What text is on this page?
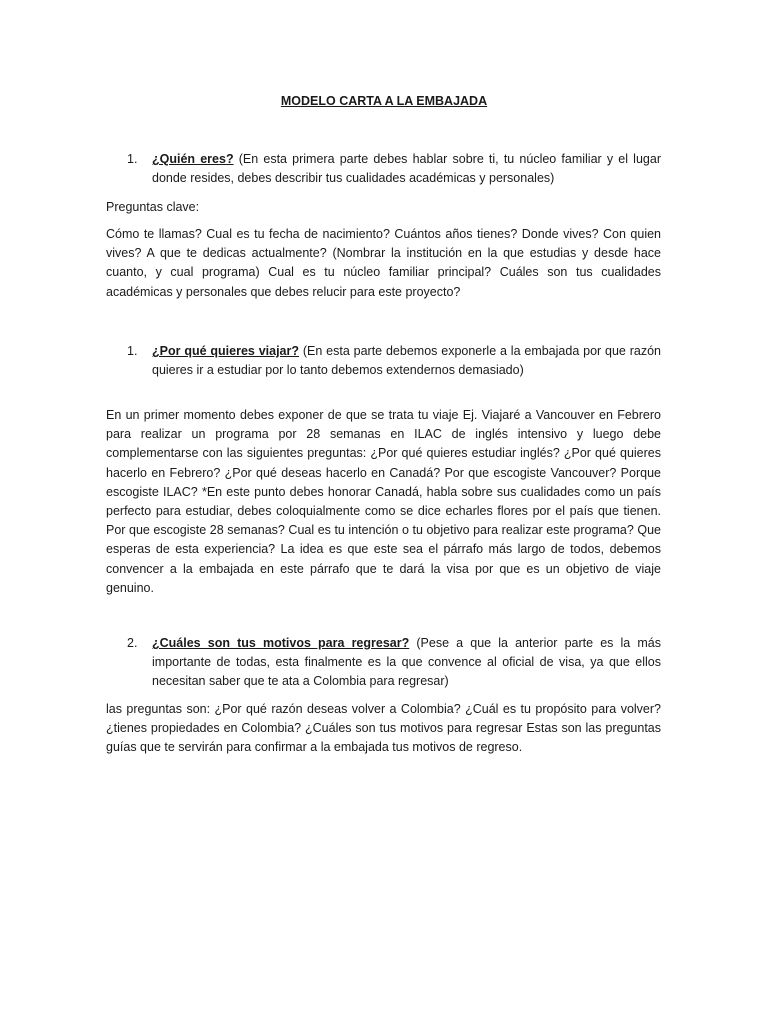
MODELO CARTA A LA EMBAJADA
1. ¿Quién eres? (En esta primera parte debes hablar sobre ti, tu núcleo familiar y el lugar donde resides, debes describir tus cualidades académicas y personales)
Preguntas clave:
Cómo te llamas? Cual es tu fecha de nacimiento? Cuántos años tienes? Donde vives? Con quien vives? A que te dedicas actualmente? (Nombrar la institución en la que estudias y desde hace cuanto, y cual programa) Cual es tu núcleo familiar principal? Cuáles son tus cualidades académicas y personales que debes relucir para este proyecto?
1. ¿Por qué quieres viajar? (En esta parte debemos exponerle a la embajada por que razón quieres ir a estudiar por lo tanto debemos extendernos demasiado)
En un primer momento debes exponer de que se trata tu viaje Ej. Viajaré a Vancouver en Febrero para realizar un programa por 28 semanas en ILAC de inglés intensivo y luego debe complementarse con las siguientes preguntas: ¿Por qué quieres estudiar inglés? ¿Por qué quieres hacerlo en Febrero? ¿Por qué deseas hacerlo en Canadá? Por que escogiste Vancouver? Porque escogiste ILAC? *En este punto debes honorar Canadá, habla sobre sus cualidades como un país perfecto para estudiar, debes coloquialmente como se dice echarles flores por el país que tienen. Por que escogiste 28 semanas? Cual es tu intención o tu objetivo para realizar este programa? Que esperas de esta experiencia? La idea es que este sea el párrafo más largo de todos, debemos convencer a la embajada en este párrafo que te dará la visa por que es un objetivo de viaje genuino.
2. ¿Cuáles son tus motivos para regresar? (Pese a que la anterior parte es la más importante de todas, esta finalmente es la que convence al oficial de visa, ya que ellos necesitan saber que te ata a Colombia para regresar)
las preguntas son: ¿Por qué razón deseas volver a Colombia? ¿Cuál es tu propósito para volver? ¿tienes propiedades en Colombia? ¿Cuáles son tus motivos para regresar Estas son las preguntas guías que te servirán para confirmar a la embajada tus motivos de regreso.
